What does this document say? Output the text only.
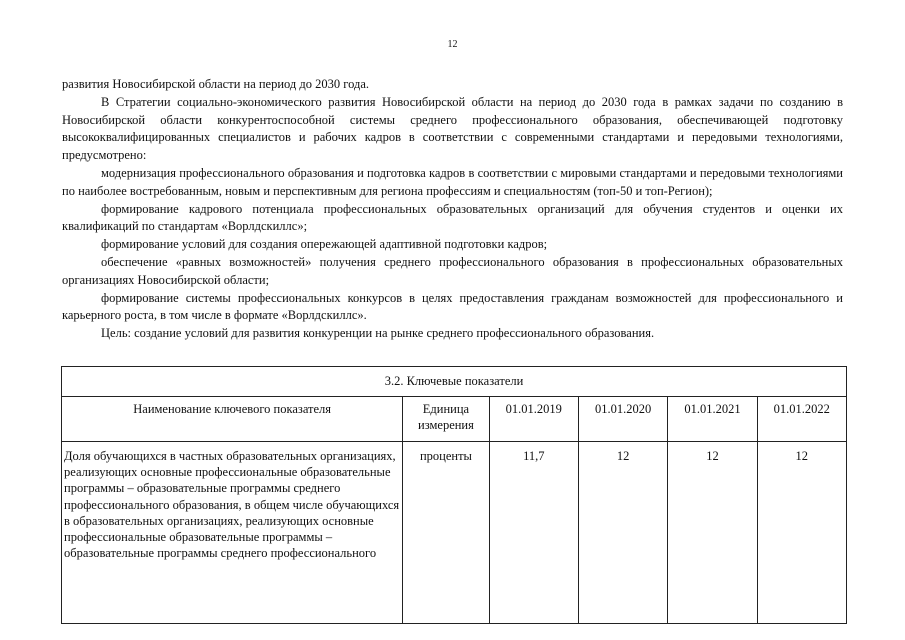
12

развития Новосибирской области на период до 2030 года.

В Стратегии социально-экономического развития Новосибирской области на период до 2030 года в рамках задачи по созданию в Новосибирской области конкурентоспособной системы среднего профессионального образования, обеспечивающей подготовку высококвалифицированных специалистов и рабочих кадров в соответствии с современными стандартами и передовыми технологиями, предусмотрено:

модернизация профессионального образования и подготовка кадров в соответствии с мировыми стандартами и передовыми технологиями по наиболее востребованным, новым и перспективным для региона профессиям и специальностям (топ-50 и топ-Регион);

формирование кадрового потенциала профессиональных образовательных организаций для обучения студентов и оценки их квалификаций по стандартам «Ворлдскиллс»;

формирование условий для создания опережающей адаптивной подготовки кадров;

обеспечение «равных возможностей» получения среднего профессионального образования в профессиональных образовательных организациях Новосибирской области;

формирование системы профессиональных конкурсов в целях предоставления гражданам возможностей для профессионального и карьерного роста, в том числе в формате «Ворлдскиллс».

Цель: создание условий для развития конкуренции на рынке среднего профессионального образования.

3.2. Ключевые показатели					
Наименование ключевого показателя	Единица измерения	01.01.2019	01.01.2020	01.01.2021	01.01.2022
Доля обучающихся в частных образовательных организациях, реализующих основные профессиональные образовательные программы – образовательные программы среднего профессионального образования, в общем числе обучающихся в образовательных организациях, реализующих основные профессиональные образовательные программы – образовательные программы среднего профессионального	проценты	11,7	12	12	12
